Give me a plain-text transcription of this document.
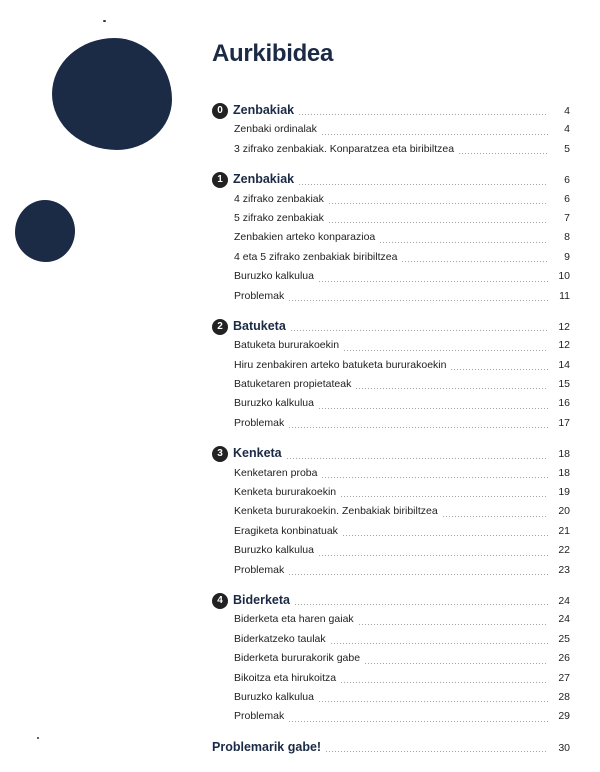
Aurkibidea
0 Zenbakiak	4
Zenbaki ordinalak	4
3 zifrako zenbakiak. Konparatzea eta biribiltzea	5
1 Zenbakiak	6
4 zifrako zenbakiak	6
5 zifrako zenbakiak	7
Zenbakien arteko konparazioa	8
4 eta 5 zifrako zenbakiak biribiltzea	9
Buruzko kalkulua	10
Problemak	11
2 Batuketa	12
Batuketa bururakoekin	12
Hiru zenbakiren arteko batuketa bururakoekin	14
Batuketaren propietateak	15
Buruzko kalkulua	16
Problemak	17
3 Kenketa	18
Kenketaren proba	18
Kenketa bururakoekin	19
Kenketa bururakoekin. Zenbakiak biribiltzea	20
Eragiketa konbinatuak	21
Buruzko kalkulua	22
Problemak	23
4 Biderketa	24
Biderketa eta haren gaiak	24
Biderkatzeko taulak	25
Biderketa bururakorik gabe	26
Bikoitza eta hirukoitza	27
Buruzko kalkulua	28
Problemak	29
Problemarik gabe!	30
